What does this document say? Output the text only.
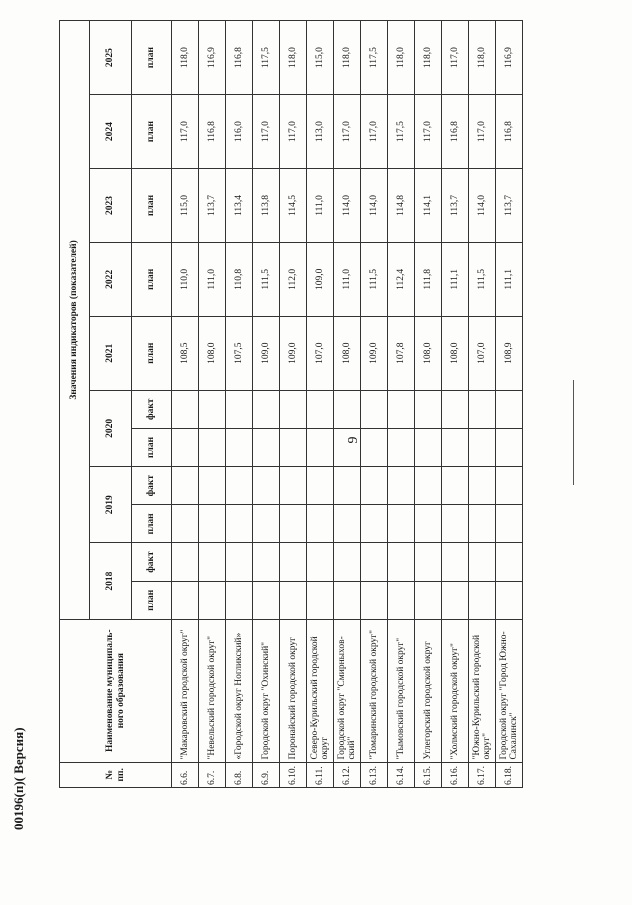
9
00196(п)( Версия)	№ пп.	Наименование муниципаль-ного образования	Значения индикаторов (показателей)										
		2018		2019		2020		2021	2022	2023	2024	2025
		план	факт	план	факт	план	факт	план	план	план	план	план
6.6.	"Макаровский городской округ"							108,5	110,0	115,0	117,0	118,0
6.7.	"Невельский городской округ"							108,0	111,0	113,7	116,8	116,9
6.8.	«Городской округ Ногликский»							107,5	110,8	113,4	116,0	116,8
6.9.	Городской округ "Охинский"							109,0	111,5	113,8	117,0	117,5
6.10.	Поронайский городской округ							109,0	112,0	114,5	117,0	118,0
6.11.	Северо-Курильский городской округ							107,0	109,0	111,0	113,0	115,0
6.12.	Городской округ "Смирныхов-ский"							108,0	111,0	114,0	117,0	118,0
6.13.	"Томаринский городской округ"							109,0	111,5	114,0	117,0	117,5
6.14.	"Тымовский городской округ"							107,8	112,4	114,8	117,5	118,0
6.15.	Углегорский городской округ							108,0	111,8	114,1	117,0	118,0
6.16.	"Холмский городской округ"							108,0	111,1	113,7	116,8	117,0
6.17.	"Южно-Курильский городской округ"							107,0	111,5	114,0	117,0	118,0
6.18.	Городской округ "Город Южно-Сахалинск"							108,9	111,1	113,7	116,8	116,9
